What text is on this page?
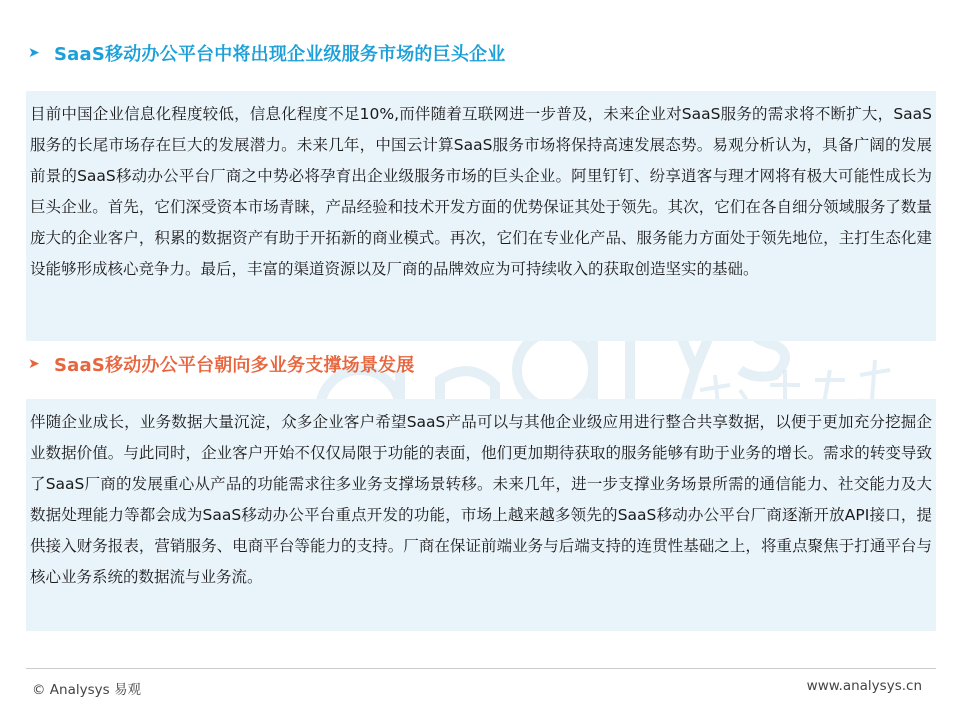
➤ SaaS移动办公平台中将出现企业级服务市场的巨头企业

目前中国企业信息化程度较低，信息化程度不足10%,而伴随着互联网进一步普及，未来企业对SaaS服务的需求将不断扩大，SaaS服务的长尾市场存在巨大的发展潜力。未来几年，中国云计算SaaS服务市场将保持高速发展态势。易观分析认为，具备广阔的发展前景的SaaS移动办公平台厂商之中势必将孕育出企业级服务市场的巨头企业。阿里钉钉、纷享逍客与理才网将有极大可能性成长为巨头企业。首先，它们深受资本市场青睐，产品经验和技术开发方面的优势保证其处于领先。其次，它们在各自细分领域服务了数量庞大的企业客户，积累的数据资产有助于开拓新的商业模式。再次，它们在专业化产品、服务能力方面处于领先地位，主打生态化建设能够形成核心竞争力。最后，丰富的渠道资源以及厂商的品牌效应为可持续收入的获取创造坚实的基础。

➤ SaaS移动办公平台朝向多业务支撑场景发展

伴随企业成长，业务数据大量沉淀，众多企业客户希望SaaS产品可以与其他企业级应用进行整合共享数据，以便于更加充分挖掘企业数据价值。与此同时，企业客户开始不仅仅局限于功能的表面，他们更加期待获取的服务能够有助于业务的增长。需求的转变导致了SaaS厂商的发展重心从产品的功能需求往多业务支撑场景转移。未来几年，进一步支撑业务场景所需的通信能力、社交能力及大数据处理能力等都会成为SaaS移动办公平台重点开发的功能，市场上越来越多领先的SaaS移动办公平台厂商逐渐开放API接口，提供接入财务报表，营销服务、电商平台等能力的支持。厂商在保证前端业务与后端支持的连贯性基础之上，将重点聚焦于打通平台与核心业务系统的数据流与业务流。

© Analysys 易观	www.analysys.cn
